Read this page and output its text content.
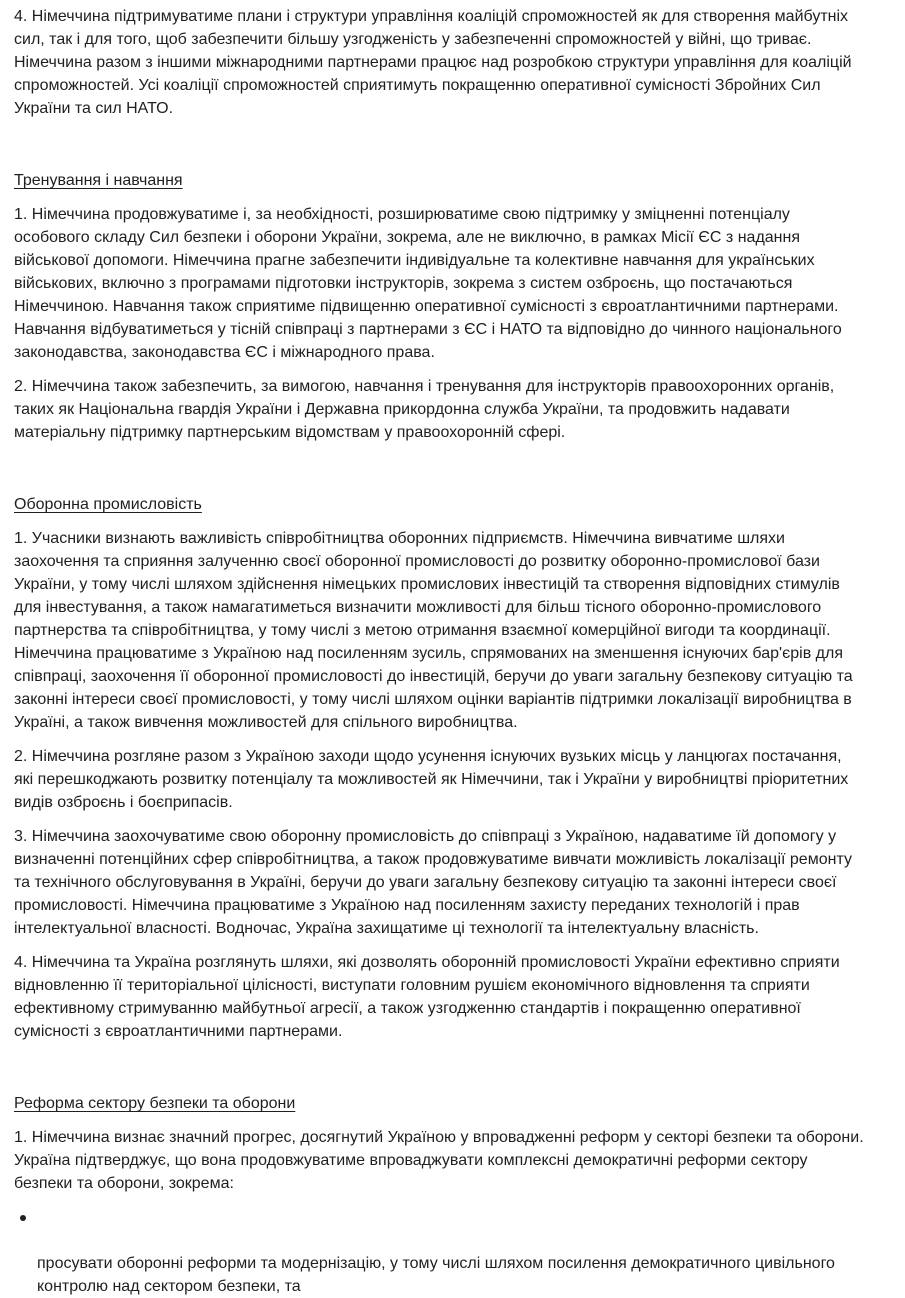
4. Німеччина підтримуватиме плани і структури управління коаліцій спроможностей як для створення майбутніх
сил, так і для того, щоб забезпечити більшу узгодженість у забезпеченні спроможностей у війні, що триває.
Німеччина разом з іншими міжнародними партнерами працює над розробкою структури управління для коаліцій
спроможностей. Усі коаліції спроможностей сприятимуть покращенню оперативної сумісності Збройних Сил
України та сил НАТО.

Тренування і навчання

1. Німеччина продовжуватиме і, за необхідності, розширюватиме свою підтримку у зміцненні потенціалу
особового складу Сил безпеки і оборони України, зокрема, але не виключно, в рамках Місії ЄС з надання
військової допомоги. Німеччина прагне забезпечити індивідуальне та колективне навчання для українських
військових, включно з програмами підготовки інструкторів, зокрема з систем озброєнь, що постачаються
Німеччиною. Навчання також сприятиме підвищенню оперативної сумісності з євроатлантичними партнерами.
Навчання відбуватиметься у тісній співпраці з партнерами з ЄС і НАТО та відповідно до чинного національного
законодавства, законодавства ЄС і міжнародного права.

2. Німеччина також забезпечить, за вимогою, навчання і тренування для інструкторів правоохоронних органів,
таких як Національна гвардія України і Державна прикордонна служба України, та продовжить надавати
матеріальну підтримку партнерським відомствам у правоохоронній сфері.

Оборонна промисловість

1. Учасники визнають важливість співробітництва оборонних підприємств. Німеччина вивчатиме шляхи
заохочення та сприяння залученню своєї оборонної промисловості до розвитку оборонно-промислової бази
України, у тому числі шляхом здійснення німецьких промислових інвестицій та створення відповідних стимулів
для інвестування, а також намагатиметься визначити можливості для більш тісного оборонно-промислового
партнерства та співробітництва, у тому числі з метою отримання взаємної комерційної вигоди та координації.
Німеччина працюватиме з Україною над посиленням зусиль, спрямованих на зменшення існуючих бар'єрів для
співпраці, заохочення її оборонної промисловості до інвестицій, беручи до уваги загальну безпекову ситуацію та
законні інтереси своєї промисловості, у тому числі шляхом оцінки варіантів підтримки локалізації виробництва в
Україні, а також вивчення можливостей для спільного виробництва.

2. Німеччина розгляне разом з Україною заходи щодо усунення існуючих вузьких місць у ланцюгах постачання,
які перешкоджають розвитку потенціалу та можливостей як Німеччини, так і України у виробництві пріоритетних
видів озброєнь і боєприпасів.

3. Німеччина заохочуватиме свою оборонну промисловість до співпраці з Україною, надаватиме їй допомогу у
визначенні потенційних сфер співробітництва, а також продовжуватиме вивчати можливість локалізації ремонту
та технічного обслуговування в Україні, беручи до уваги загальну безпекову ситуацію та законні інтереси своєї
промисловості. Німеччина працюватиме з Україною над посиленням захисту переданих технологій і прав
інтелектуальної власності. Водночас, Україна захищатиме ці технології та інтелектуальну власність.

4. Німеччина та Україна розглянуть шляхи, які дозволять оборонній промисловості України ефективно сприяти
відновленню її територіальної цілісності, виступати головним рушієм економічного відновлення та сприяти
ефективному стримуванню майбутньої агресії, а також узгодженню стандартів і покращенню оперативної
сумісності з євроатлантичними партнерами.

Реформа сектору безпеки та оборони

1. Німеччина визнає значний прогрес, досягнутий Україною у впровадженні реформ у секторі безпеки та оборони.
Україна підтверджує, що вона продовжуватиме впроваджувати комплексні демократичні реформи сектору
безпеки та оборони, зокрема:

просувати оборонні реформи та модернізацію, у тому числі шляхом посилення демократичного цивільного
контролю над сектором безпеки, та
